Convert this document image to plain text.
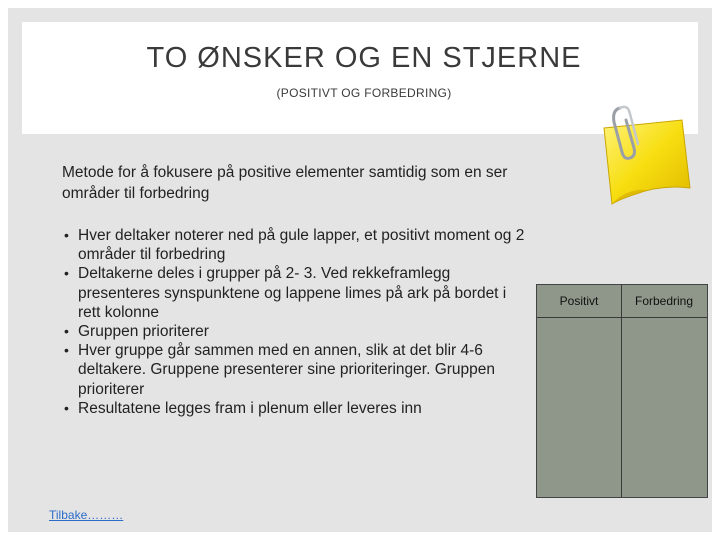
TO ØNSKER OG EN STJERNE
(POSITIVT OG FORBEDRING)
Metode for å fokusere på positive elementer samtidig som en ser områder til forbedring
• Hver deltaker noterer ned på gule lapper, et positivt moment og 2 områder til forbedring
• Deltakerne deles i grupper på 2- 3. Ved rekkeframlegg presenteres synspunktene og lappene limes på ark på bordet i rett kolonne
• Gruppen prioriterer
• Hver gruppe går sammen med en annen, slik at det blir 4-6 deltakere. Gruppene presenterer sine prioriteringer. Gruppen prioriterer
• Resultatene legges fram i plenum eller leveres inn
Tilbake………
Positivt	Forbedring
